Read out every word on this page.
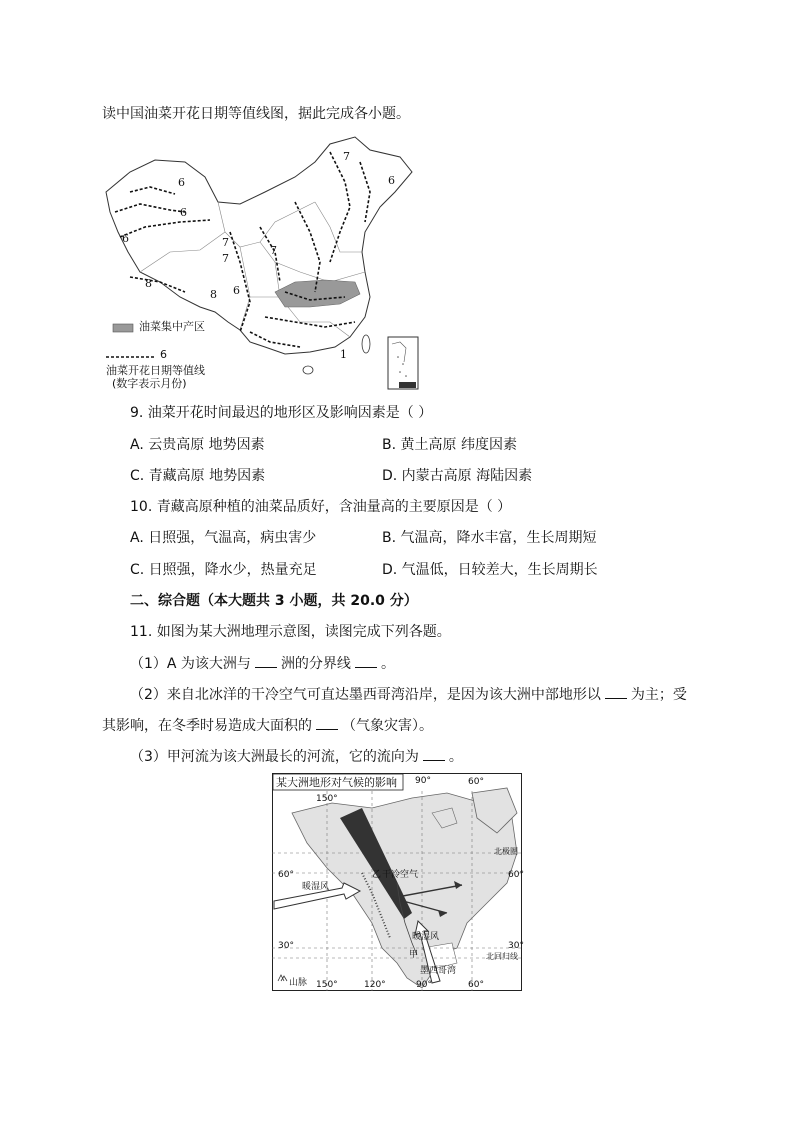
读中国油菜开花日期等值线图，据此完成各小题。
6
6
6	7
7
6
7
7
8
8
6
1
油菜集中产区
6
油菜开花日期等值线
(数字表示月份)
9. 油菜开花时间最迟的地形区及影响因素是（ ）
A. 云贵高原 地势因素	B. 黄土高原 纬度因素
C. 青藏高原 地势因素	D. 内蒙古高原 海陆因素
10. 青藏高原种植的油菜品质好，含油量高的主要原因是（ ）
A. 日照强，气温高，病虫害少	B. 气温高，降水丰富，生长周期短
C. 日照强，降水少，热量充足	D. 气温低，日较差大，生长周期长
二、综合题（本大题共 3 小题，共 20.0 分）
11. 如图为某大洲地理示意图，读图完成下列各题。
（1）A 为该大洲与 洲的分界线 。
（2）来自北冰洋的干冷空气可直达墨西哥湾沿岸，是因为该大洲中部地形以 为主；受
其影响，在冬季时易造成大面积的 （气象灾害）。
（3）甲河流为该大洲最长的河流，它的流向为 。
某大洲地形对气候的影响
150°
90°	60°
60°	60°
30°	30°
150°	120°	90°	60°
北极圈
北回归线
暖湿风
干冷空气
暖湿风
墨西哥湾
乙
甲
山脉
